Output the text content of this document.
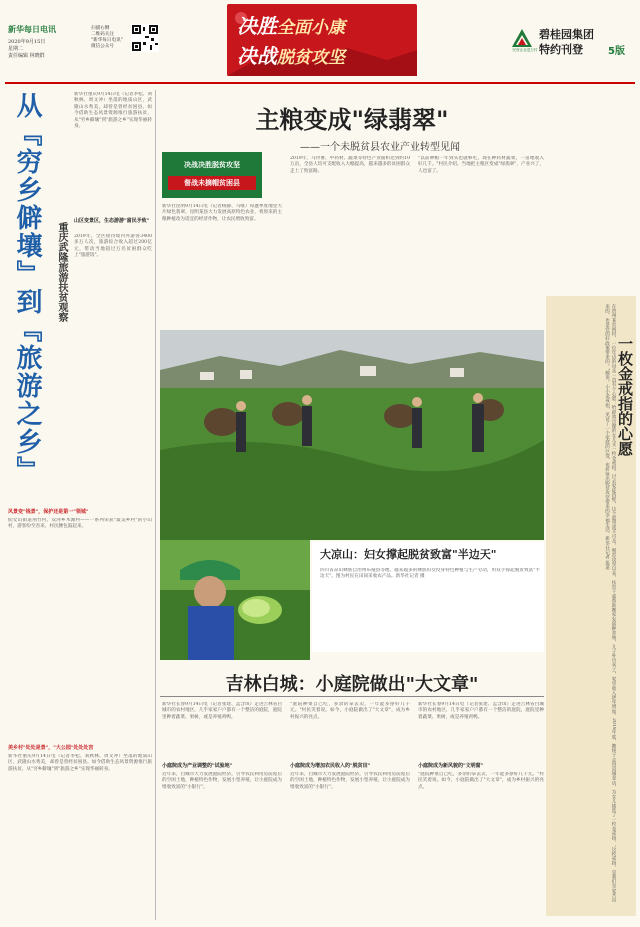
新华每日电讯
2020年9月15日
星期二
责任编辑 林晓群
扫描右侧
二维码关注
"新华每日电讯"
微信公众号
决胜全面小康
决战脱贫攻坚	民营企业进万村
碧桂园集团
特约刊登	5版
从『穷乡僻壤』到『旅游之乡』	重庆武隆旅游扶贫观察
新华社重庆9月14日电（记者李松、刘秋林、周文冲）坐落的地质山区，武隆山水秀美，却曾是曾经贫困县。如今借助生态风景资源推行旅游扶贫，从"穷乡僻壤"到"旅游之乡"实现华丽转身。
山区变景区，生态游游"富民矛致"
2019年，全区接待境内外游客3400多万人次，旅游综合收入超过200亿元，带动当地超过万名贫困群众吃上"旅游饭"。
风景变"钱景"，保护还是第一"领城"
仙女山街道荆竹村、双河乡木滩村——一系列荣获"最美乡村"的小山村，游客纷至沓来，村民腰包鼓起来。
美乡村"处处是景"，"大公园"处处处宫
新华社重庆9月14日电（记者李松、刘秋林、周文冲）坐落的地质山区，武隆山水秀美，却曾是曾经贫困县。如今借助生态风景资源推行旅游扶贫，从"穷乡僻壤"到"旅游之乡"实现华丽转身。
主粮变成"绿翡翠"
——一个未脱贫县农业产业转型见闻
决战决胜脱贫攻坚
督战未摘帽贫困县
新华社昆明9月14日电（记者杨静、马唯）每逢季度地里大片绿色翡翠，昆明某县大力发展高原特色农业，将原来的主粮种植改为适宜的经济作物，让农民增收致富。
2019年，马铃薯、中药材、蔬菜等特色产业面积达到约10万亩，全县人均可支配收入大幅提高，越来越多的贫困群众走上了致富路。
"以前种粮一年到头也就够吃，现在种药材蔬菜，一亩地收入好几千。"村民介绍。当地把主粮区变成"绿翡翠"，产业兴了，人也富了。
大凉山：妇女撑起脱贫致富"半边天"
四川省凉山彝族自治州布拖县等地，越来越多的彝族妇女投身特色种植与生产劳动，用双手撑起脱贫致富"半边天"。图为村民在田间采收农产品。新华社记者 摄
吉林白城：小庭院做出"大文章"
新华社长春9月14日电（记者张建、孟含琪）走进吉林省白城市的农村地区，几乎家家户户都有一个整洁的庭院，庭院里种着蔬菜、果树，或是养殖鸡鸭。
小庭院成为产业调整的"试验地"
近年来，白城市大力发展庭院经济，引导农民利用房前屋后的空闲土地，种植特色作物，发展小型养殖，让小庭院成为增收致富的"小银行"。
小庭院成为增加农民收入的"脱贫田"
"庭院种菜自己吃，多余的拿去卖，一年能多挣好几千元。"村民笑着说。如今，小庭院做出了"大文章"，成为乡村振兴的亮点。
近年来，白城市大力发展庭院经济，引导农民利用房前屋后的空闲土地，种植特色作物，发展小型养殖，让小庭院成为增收致富的"小银行"。
小庭院成为新风貌的"文明窗"
新华社长春9月14日电（记者张建、孟含琪）走进吉林省白城市的农村地区，几乎家家户户都有一个整洁的庭院，庭院里种着蔬菜、果树，或是养殖鸡鸭。
"庭院种菜自己吃，多余的拿去卖，一年能多挣好几千元。"村民笑着说。如今，小庭院做出了"大文章"，成为乡村振兴的亮点。	在贵州某贫困村，一位年迈的母亲一直有个心愿：给即将出嫁的女儿买一枚金戒指。过去家徒四壁，这个愿望遥不可及。脱贫攻坚以来，扶贫干部帮助她家发展种养殖，儿子外出务工，家里收入逐年增加。2019年底，她终于走进县城金店，为女儿挑选了一枚金戒指。"这枚戒指，是我们全家苦出来的，也是党的好政策带来的。"她说。小小金戒指，见证了一个家庭的巨变，也折射出脱贫攻坚带来的幸福生活。新华社记者 报道 一枚金戒指的心愿
